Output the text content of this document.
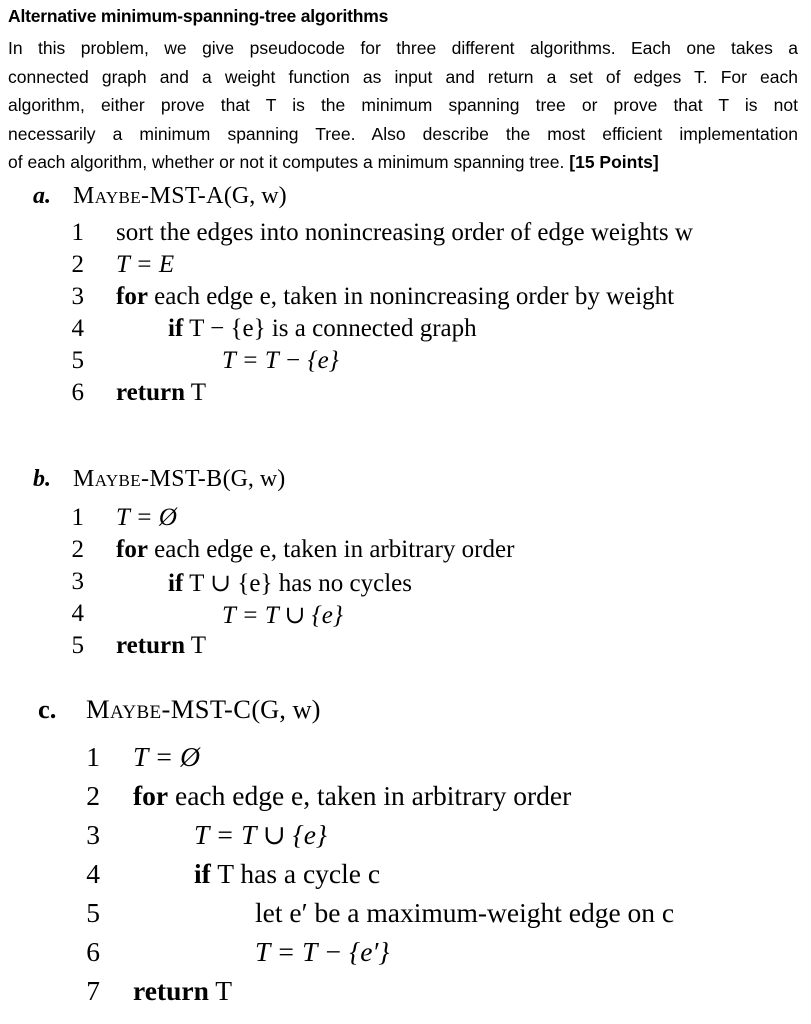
Alternative minimum-spanning-tree algorithms
In this problem, we give pseudocode for three different algorithms. Each one takes a
connected graph and a weight function as input and return a set of edges T. For each
algorithm, either prove that T is the minimum spanning tree or prove that T is not
necessarily a minimum spanning Tree. Also describe the most efficient implementation
of each algorithm, whether or not it computes a minimum spanning tree. [15 Points]
a. Maybe-MST-A(G, w)
1 sort the edges into nonincreasing order of edge weights w
2 T = E
3 for each edge e, taken in nonincreasing order by weight
4	if T − {e} is a connected graph
5	T = T − {e}
6 return T
b. Maybe-MST-B(G, w)
1 T = Ø
2 for each edge e, taken in arbitrary order
3	if T ∪ {e} has no cycles
4	T = T ∪ {e}
5 return T
c. Maybe-MST-C(G, w)
1 T = Ø
2 for each edge e, taken in arbitrary order
3	T = T ∪ {e}
4	if T has a cycle c
5	let e′ be a maximum-weight edge on c
6	T = T − {e′}
7 return T
